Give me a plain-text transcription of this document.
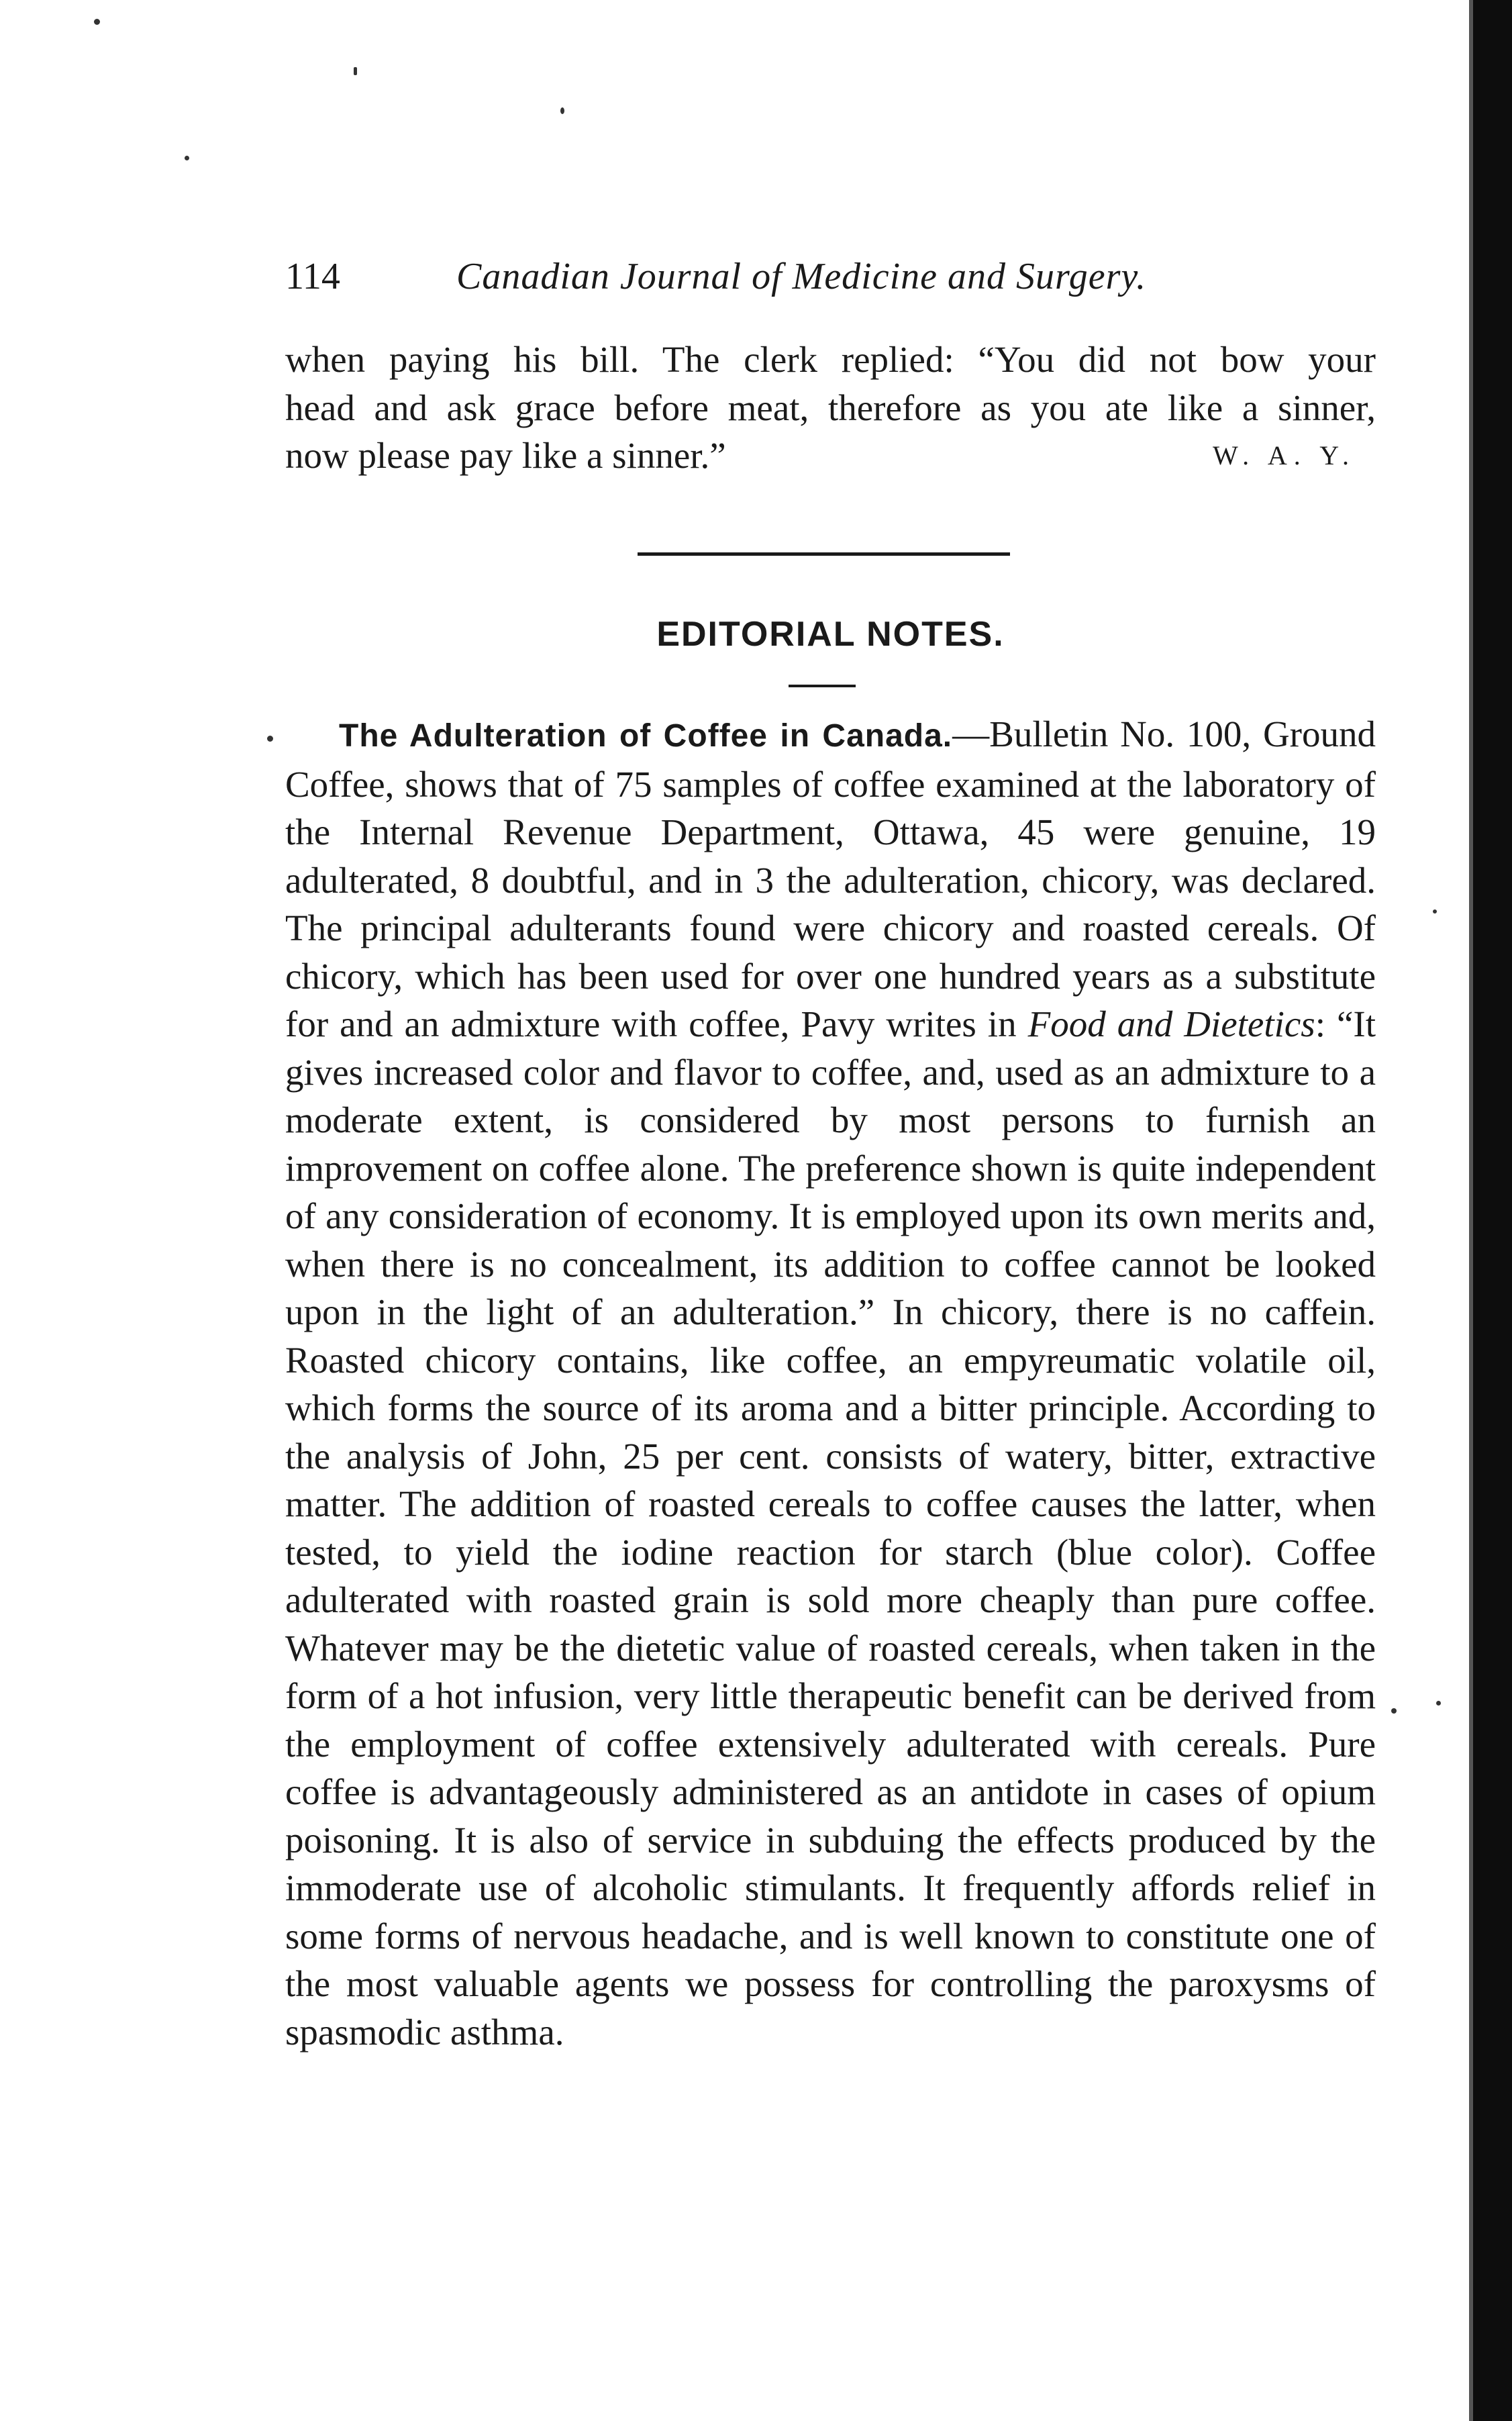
114	Canadian Journal of Medicine and Surgery.
when paying his bill. The clerk replied: “You did not bow your
head and ask grace before meat, therefore as you ate like a sinner,
now please pay like a sinner.”	W. A. Y.
EDITORIAL NOTES.

The Adulteration of Coffee in Canada.—Bulletin No. 100, Ground Coffee, shows that of 75 samples of coffee examined at the laboratory of the Internal Revenue Department, Ottawa, 45 were genuine, 19 adulterated, 8 doubtful, and in 3 the adulteration, chicory, was declared. The principal adulterants found were chicory and roasted cereals. Of chicory, which has been used for over one hundred years as a substitute for and an admixture with coffee, Pavy writes in Food and Dietetics: “It gives increased color and flavor to coffee, and, used as an admixture to a moderate extent, is considered by most persons to furnish an improvement on coffee alone. The preference shown is quite independent of any consideration of economy. It is employed upon its own merits and, when there is no concealment, its addition to coffee cannot be looked upon in the light of an adulteration.” In chicory, there is no caffein. Roasted chicory contains, like coffee, an empyreumatic volatile oil, which forms the source of its aroma and a bitter principle. According to the analysis of John, 25 per cent. consists of watery, bitter, extractive matter. The addition of roasted cereals to coffee causes the latter, when tested, to yield the iodine reaction for starch (blue color). Coffee adulterated with roasted grain is sold more cheaply than pure coffee. Whatever may be the dietetic value of roasted cereals, when taken in the form of a hot infusion, very little therapeutic benefit can be derived from the employment of coffee extensively adulterated with cereals. Pure coffee is advantageously administered as an antidote in cases of opium poisoning. It is also of service in subduing the effects produced by the immoderate use of alcoholic stimulants. It frequently affords relief in some forms of nervous headache, and is well known to constitute one of the most valuable agents we possess for controlling the paroxysms of spasmodic asthma.
